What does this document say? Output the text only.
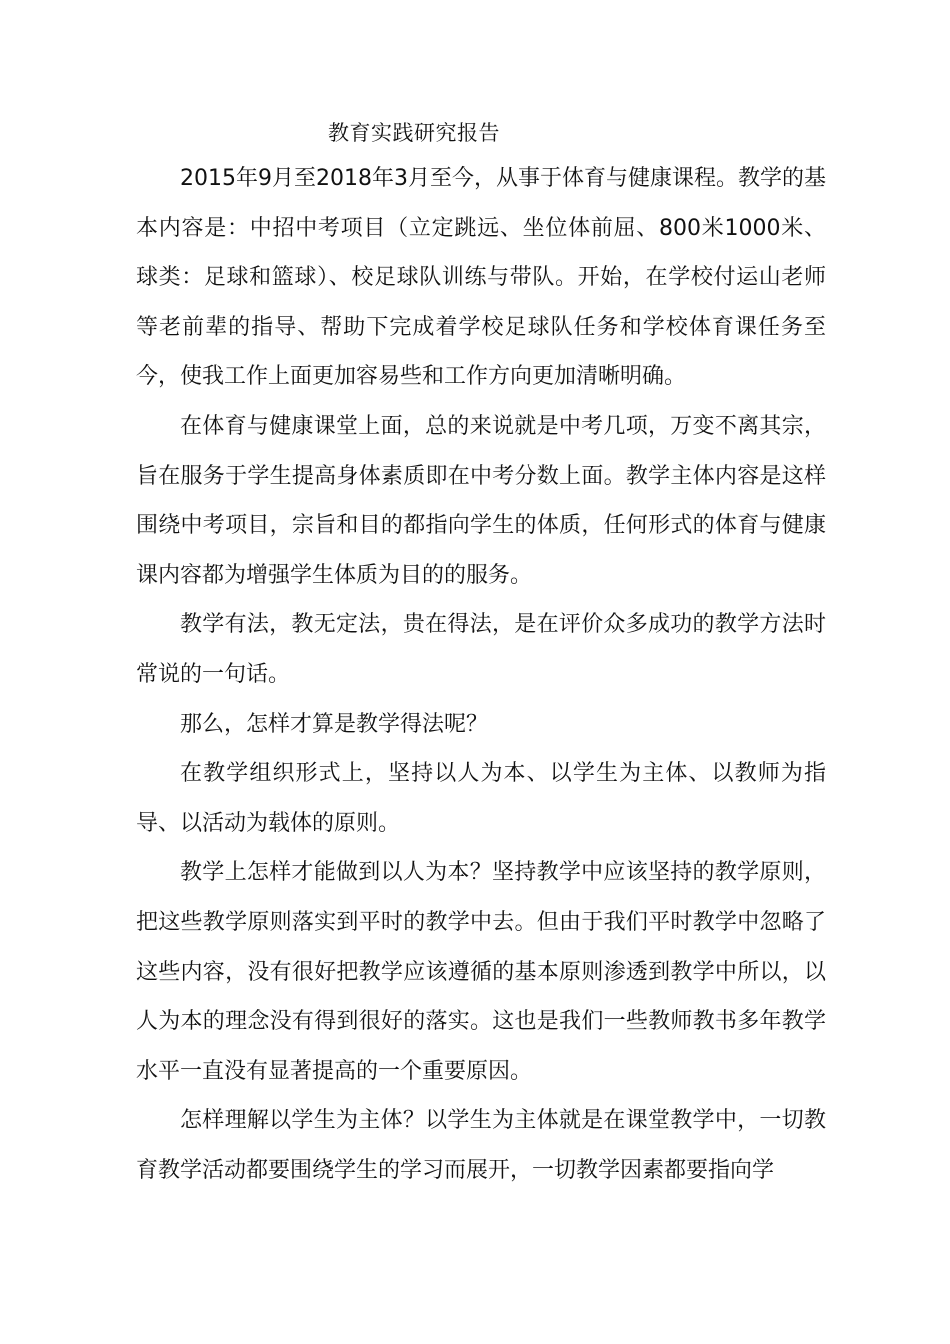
教育实践研究报告

2015年9月至2018年3月至今，从事于体育与健康课程。教学的基本内容是：中招中考项目（立定跳远、坐位体前屈、800米1000米、球类：足球和篮球）、校足球队训练与带队。开始，在学校付运山老师等老前辈的指导、帮助下完成着学校足球队任务和学校体育课任务至今，使我工作上面更加容易些和工作方向更加清晰明确。

在体育与健康课堂上面，总的来说就是中考几项，万变不离其宗，旨在服务于学生提高身体素质即在中考分数上面。教学主体内容是这样围绕中考项目，宗旨和目的都指向学生的体质，任何形式的体育与健康课内容都为增强学生体质为目的的服务。

教学有法，教无定法，贵在得法，是在评价众多成功的教学方法时常说的一句话。

那么，怎样才算是教学得法呢？

在教学组织形式上，坚持以人为本、以学生为主体、以教师为指导、以活动为载体的原则。

教学上怎样才能做到以人为本？坚持教学中应该坚持的教学原则，把这些教学原则落实到平时的教学中去。但由于我们平时教学中忽略了这些内容，没有很好把教学应该遵循的基本原则渗透到教学中所以，以人为本的理念没有得到很好的落实。这也是我们一些教师教书多年教学水平一直没有显著提高的一个重要原因。

怎样理解以学生为主体？以学生为主体就是在课堂教学中，一切教育教学活动都要围绕学生的学习而展开，一切教学因素都要指向学
